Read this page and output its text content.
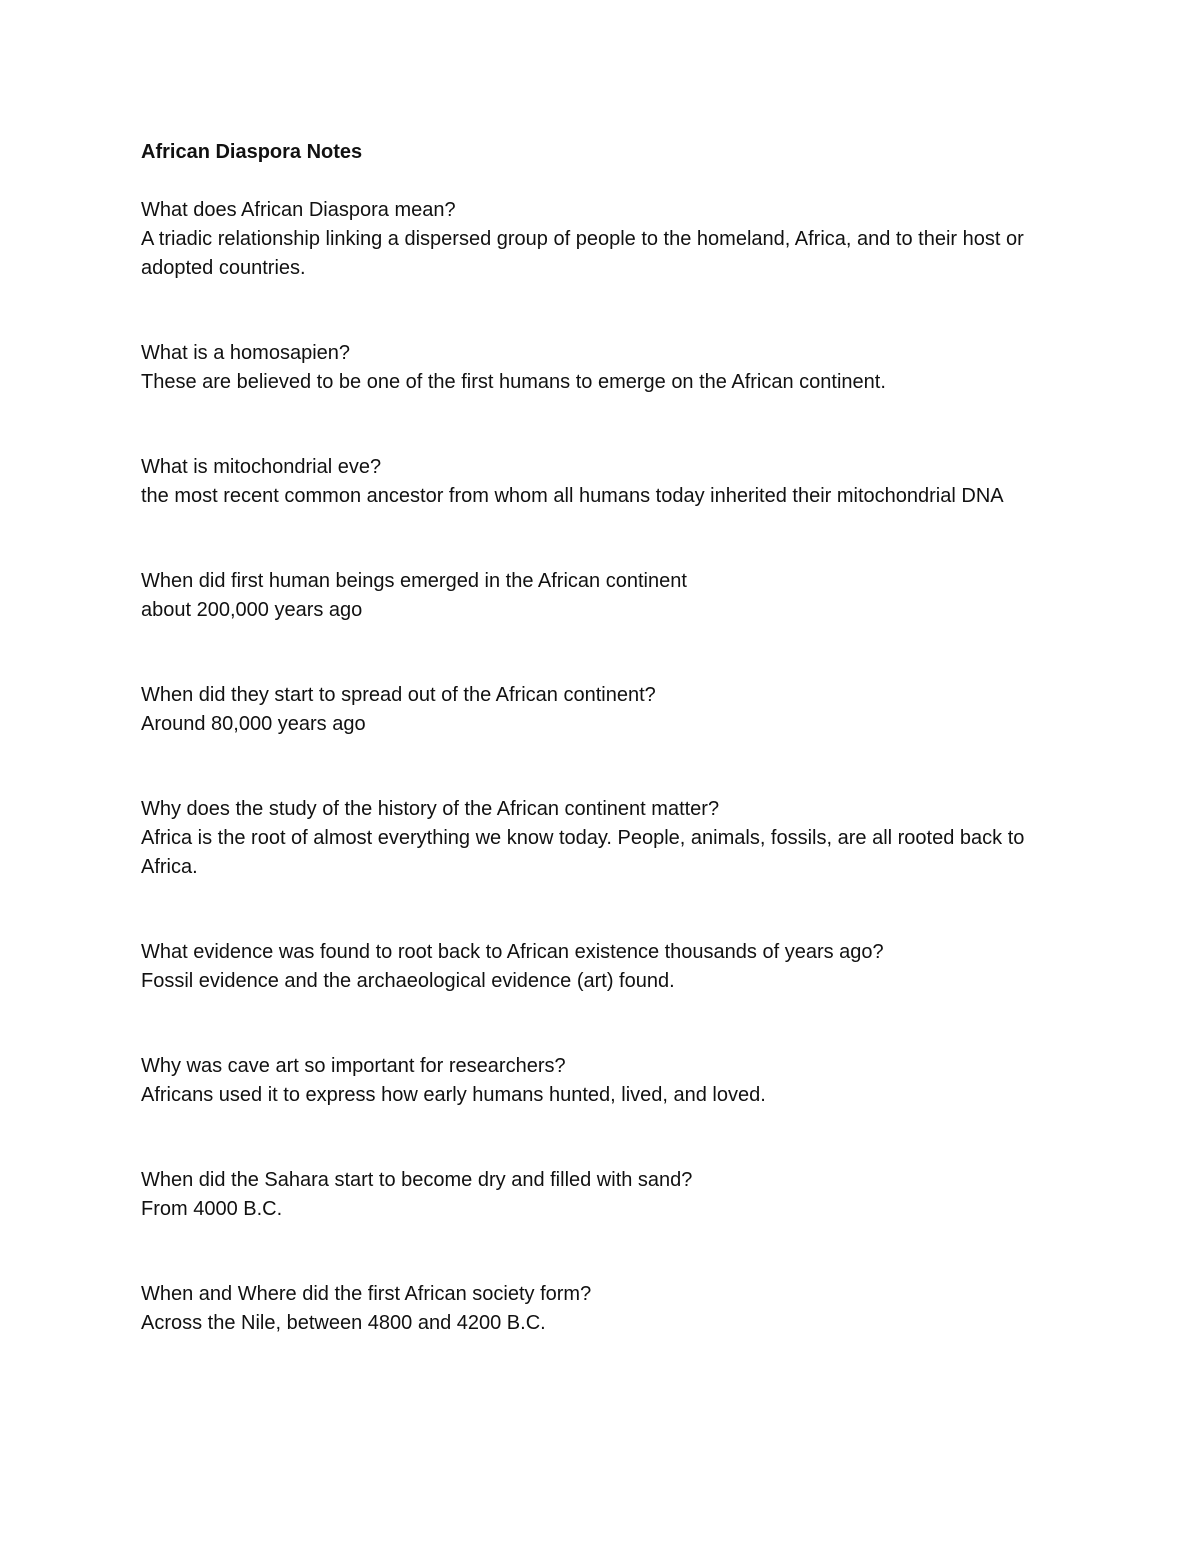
African Diaspora Notes

What does African Diaspora mean?

A triadic relationship linking a dispersed group of people to the homeland, Africa, and to their host or adopted countries.

What is a homosapien?

These are believed to be one of the first humans to emerge on the African continent.

What is mitochondrial eve?

the most recent common ancestor from whom all humans today inherited their mitochondrial DNA

When did first human beings emerged in the African continent

about 200,000 years ago

When did they start to spread out of the African continent?

Around 80,000 years ago

Why does the study of the history of the African continent matter?

Africa is the root of almost everything we know today. People, animals, fossils, are all rooted back to Africa.

What evidence was found to root back to African existence thousands of years ago?

Fossil evidence and the archaeological evidence (art) found.

Why was cave art so important for researchers?

Africans used it to express how early humans hunted, lived, and loved.

When did the Sahara start to become dry and filled with sand?

From 4000 B.C.

When and Where did the first African society form?

Across the Nile, between 4800 and 4200 B.C.
